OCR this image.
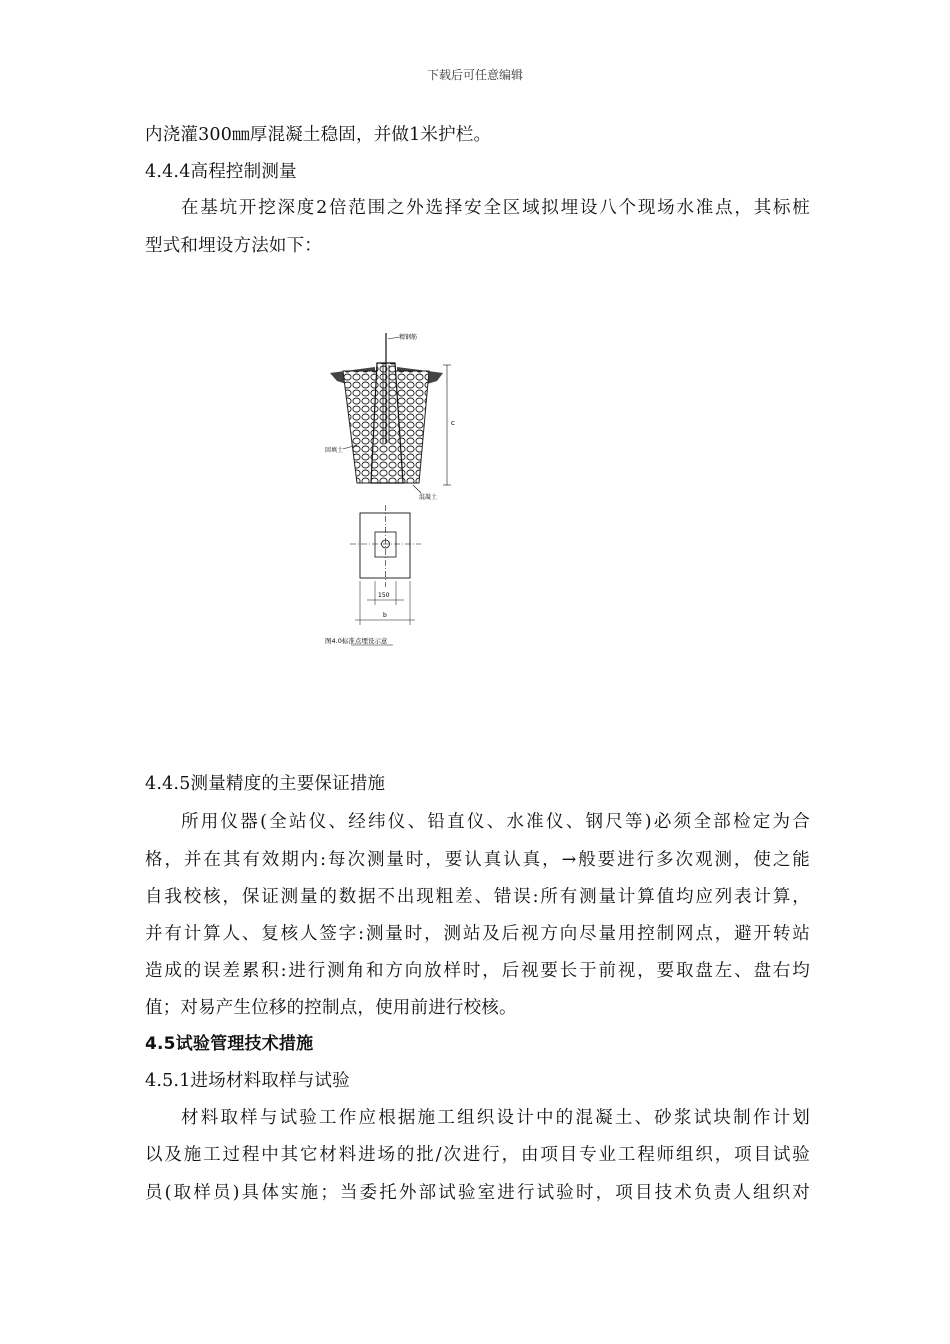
下载后可任意编辑
内浇灌300㎜厚混凝土稳固，并做1米护栏。
4.4.4高程控制测量
在基坑开挖深度2倍范围之外选择安全区域拟埋设八个现场水准点，其标桩
型式和埋设方法如下：
精钢筋
回填土
混凝土
c
150
b
图4.0标准点埋设示意
4.4.5测量精度的主要保证措施
所用仪器(全站仪、经纬仪、铅直仪、水准仪、钢尺等)必须全部检定为合
格，并在其有效期内:每次测量时，要认真认真，→般要进行多次观测，使之能
自我校核，保证测量的数据不出现粗差、错误:所有测量计算值均应列表计算，
并有计算人、复核人签字:测量时，测站及后视方向尽量用控制网点，避开转站
造成的误差累积:进行测角和方向放样时，后视要长于前视，要取盘左、盘右均
值；对易产生位移的控制点，使用前进行校核。
4.5试验管理技术措施
4.5.1进场材料取样与试验
材料取样与试验工作应根据施工组织设计中的混凝土、砂浆试块制作计划
以及施工过程中其它材料进场的批/次进行，由项目专业工程师组织，项目试验
员(取样员)具体实施；当委托外部试验室进行试验时，项目技术负责人组织对
